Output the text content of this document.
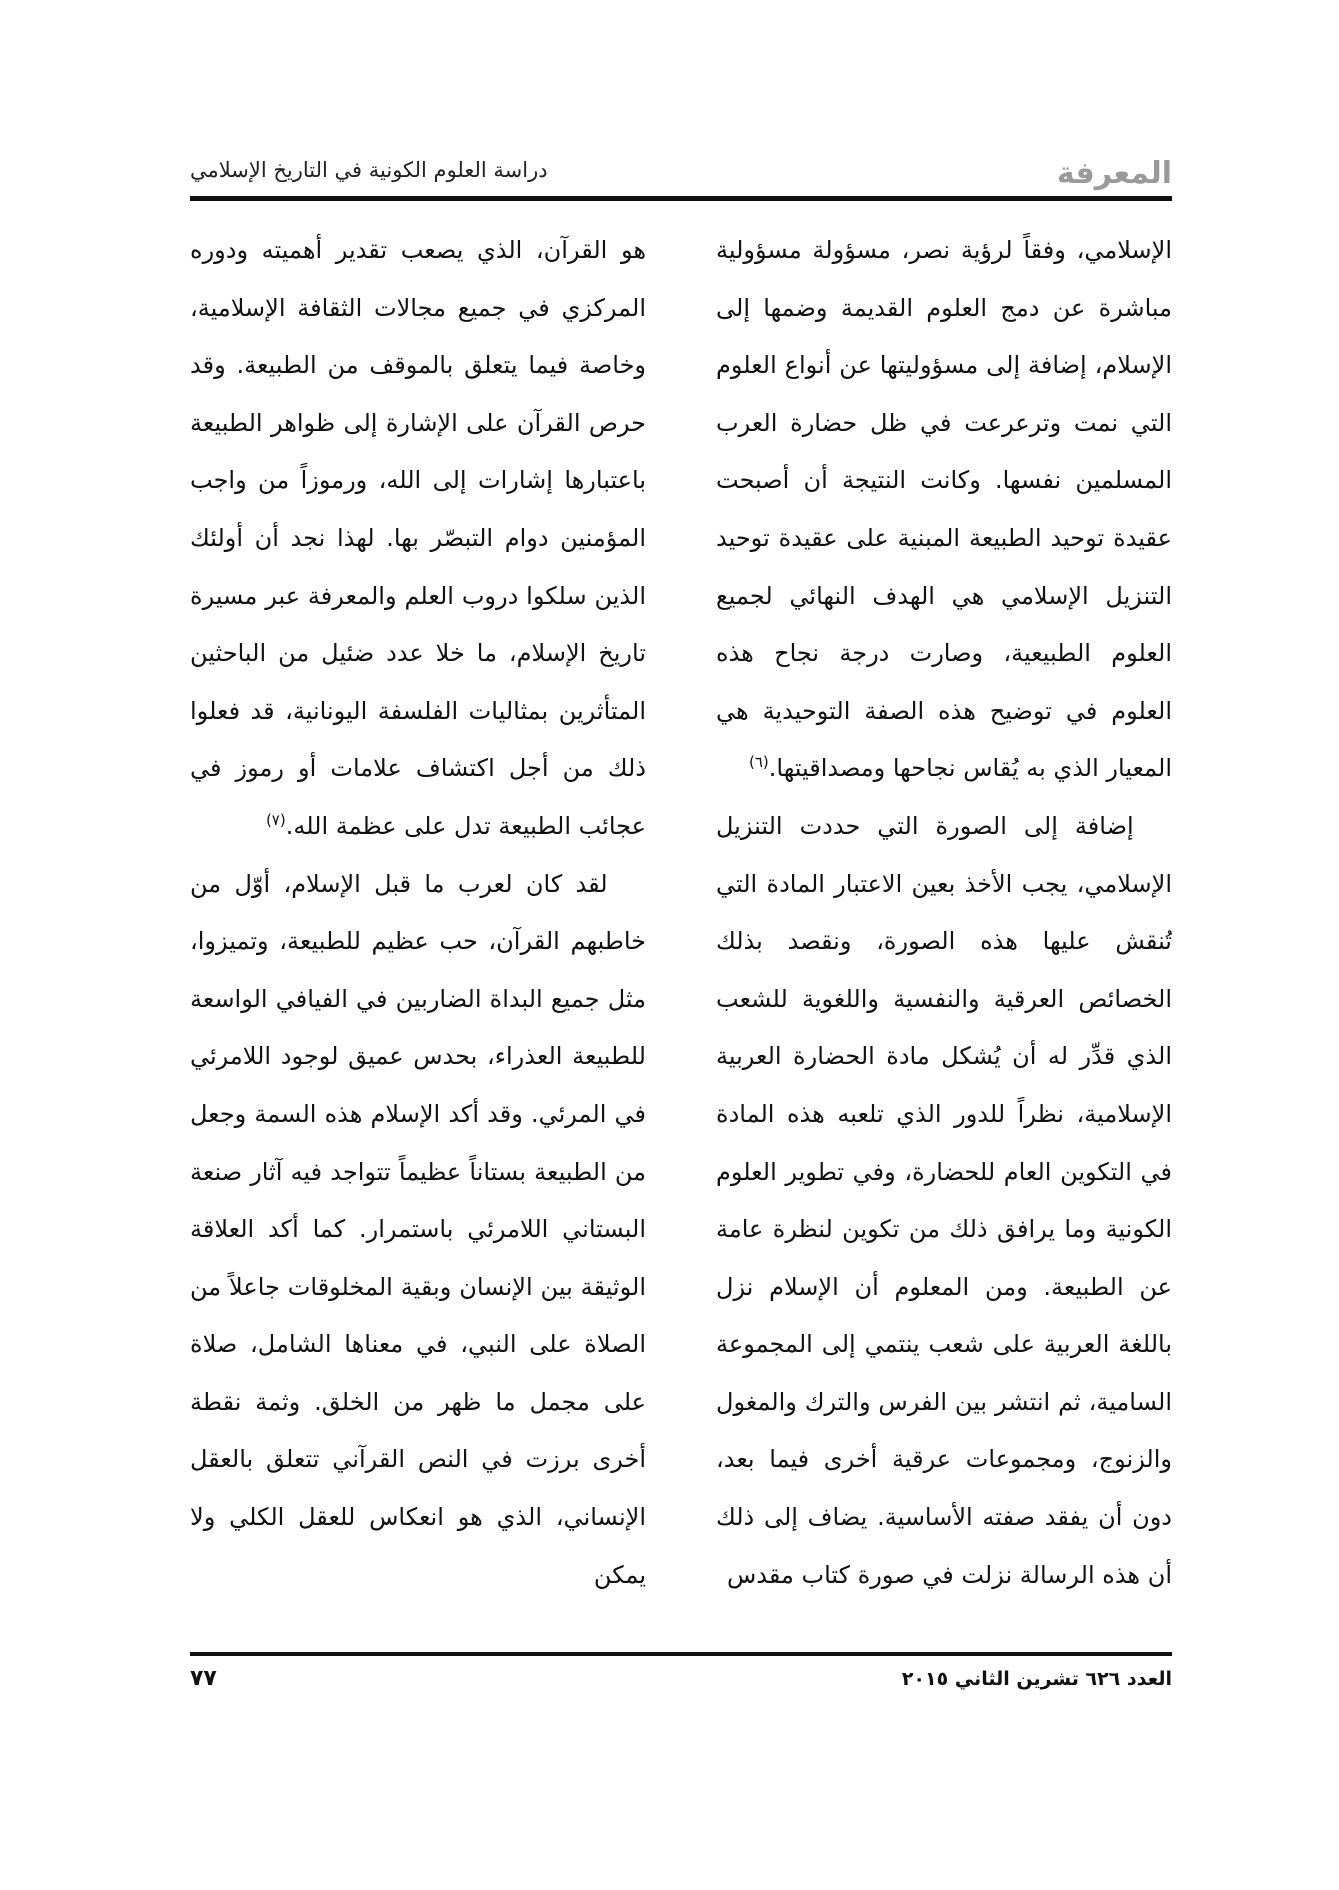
المعرفة
دراسة العلوم الكونية في التاريخ الإسلامي

الإسلامي، وفقاً لرؤية نصر، مسؤولة مسؤولية مباشرة عن دمج العلوم القديمة وضمها إلى الإسلام، إضافة إلى مسؤوليتها عن أنواع العلوم التي نمت وترعرعت في ظل حضارة العرب المسلمين نفسها. وكانت النتيجة أن أصبحت عقيدة توحيد الطبيعة المبنية على عقيدة توحيد التنزيل الإسلامي هي الهدف النهائي لجميع العلوم الطبيعية، وصارت درجة نجاح هذه العلوم في توضيح هذه الصفة التوحيدية هي المعيار الذي به يُقاس نجاحها ومصداقيتها.$^{(٦)}$

إضافة إلى الصورة التي حددت التنزيل الإسلامي، يجب الأخذ بعين الاعتبار المادة التي تُنقش عليها هذه الصورة، ونقصد بذلك الخصائص العرقية والنفسية واللغوية للشعب الذي قدِّر له أن يُشكل مادة الحضارة العربية الإسلامية، نظراً للدور الذي تلعبه هذه المادة في التكوين العام للحضارة، وفي تطوير العلوم الكونية وما يرافق ذلك من تكوين لنظرة عامة عن الطبيعة. ومن المعلوم أن الإسلام نزل باللغة العربية على شعب ينتمي إلى المجموعة السامية، ثم انتشر بين الفرس والترك والمغول والزنوج، ومجموعات عرقية أخرى فيما بعد، دون أن يفقد صفته الأساسية. يضاف إلى ذلك أن هذه الرسالة نزلت في صورة كتاب مقدس

هو القرآن، الذي يصعب تقدير أهميته ودوره المركزي في جميع مجالات الثقافة الإسلامية، وخاصة فيما يتعلق بالموقف من الطبيعة. وقد حرص القرآن على الإشارة إلى ظواهر الطبيعة باعتبارها إشارات إلى الله، ورموزاً من واجب المؤمنين دوام التبصّر بها. لهذا نجد أن أولئك الذين سلكوا دروب العلم والمعرفة عبر مسيرة تاريخ الإسلام، ما خلا عدد ضئيل من الباحثين المتأثرين بمثاليات الفلسفة اليونانية، قد فعلوا ذلك من أجل اكتشاف علامات أو رموز في عجائب الطبيعة تدل على عظمة الله.$^{(٧)}$

لقد كان لعرب ما قبل الإسلام، أوّل من خاطبهم القرآن، حب عظيم للطبيعة، وتميزوا، مثل جميع البداة الضاربين في الفيافي الواسعة للطبيعة العذراء، بحدس عميق لوجود اللامرئي في المرئي. وقد أكد الإسلام هذه السمة وجعل من الطبيعة بستاناً عظيماً تتواجد فيه آثار صنعة البستاني اللامرئي باستمرار. كما أكد العلاقة الوثيقة بين الإنسان وبقية المخلوقات جاعلاً من الصلاة على النبي، في معناها الشامل، صلاة على مجمل ما ظهر من الخلق. وثمة نقطة أخرى برزت في النص القرآني تتعلق بالعقل الإنساني، الذي هو انعكاس للعقل الكلي ولا يمكن

العدد ٦٢٦ تشرين الثاني ٢٠١٥
٧٧
